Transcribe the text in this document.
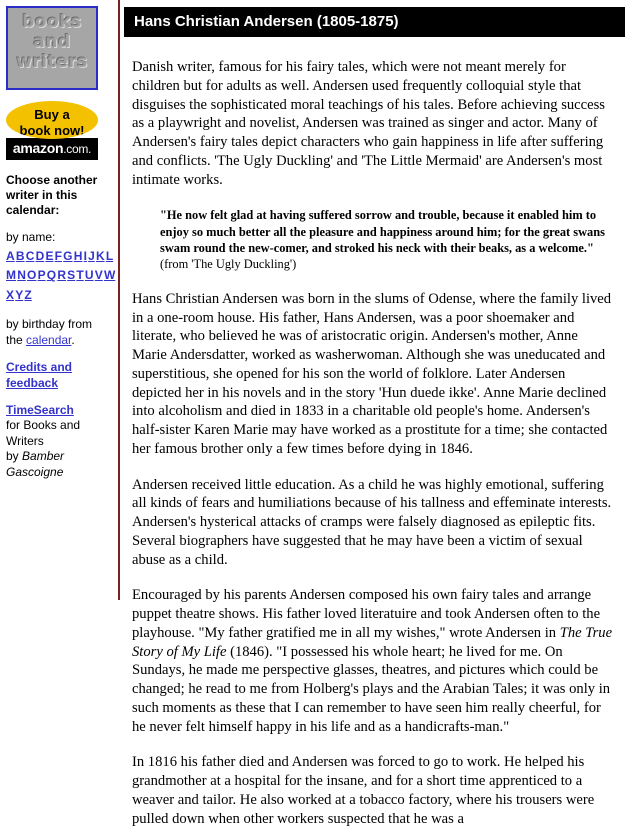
books
and
writers
Buy a
book now!
amazon.com.
Choose another writer in this calendar:
by name:
ABCDEFGHIJKL
MNOPQRSTUVW
XYZ
by birthday from the calendar.
Credits and feedback
TimeSearch
for Books and Writers
by Bamber Gascoigne
Hans Christian Andersen (1805-1875)

Danish writer, famous for his fairy tales, which were not meant merely for children but for adults as well. Andersen used frequently colloquial style that disguises the sophisticated moral teachings of his tales. Before achieving success as a playwright and novelist, Andersen was trained as singer and actor. Many of Andersen's fairy tales depict characters who gain happiness in life after suffering and conflicts. 'The Ugly Duckling' and 'The Little Mermaid' are Andersen's most intimate works.

"He now felt glad at having suffered sorrow and trouble, because it enabled him to enjoy so much better all the pleasure and happiness around him; for the great swans swam round the new-comer, and stroked his neck with their beaks, as a welcome." (from 'The Ugly Duckling')

Hans Christian Andersen was born in the slums of Odense, where the family lived in a one-room house. His father, Hans Andersen, was a poor shoemaker and literate, who believed he was of aristocratic origin. Andersen's mother, Anne Marie Andersdatter, worked as washerwoman. Although she was uneducated and superstitious, she opened for his son the world of folklore. Later Andersen depicted her in his novels and in the story 'Hun duede ikke'. Anne Marie declined into alcoholism and died in 1833 in a charitable old people's home. Andersen's half-sister Karen Marie may have worked as a prostitute for a time; she contacted her famous brother only a few times before dying in 1846.

Andersen received little education. As a child he was highly emotional, suffering all kinds of fears and humiliations because of his tallness and effeminate interests. Andersen's hysterical attacks of cramps were falsely diagnosed as epileptic fits. Several biographers have suggested that he may have been a victim of sexual abuse as a child.

Encouraged by his parents Andersen composed his own fairy tales and arrange puppet theatre shows. His father loved literatuire and took Andersen often to the playhouse. "My father gratified me in all my wishes," wrote Andersen in The True Story of My Life (1846). "I possessed his whole heart; he lived for me. On Sundays, he made me perspective glasses, theatres, and pictures which could be changed; he read to me from Holberg's plays and the Arabian Tales; it was only in such moments as these that I can remember to have seen him really cheerful, for he never felt himself happy in his life and as a handicrafts-man."

In 1816 his father died and Andersen was forced to go to work. He helped his grandmother at a hospital for the insane, and for a short time apprenticed to a weaver and tailor. He also worked at a tobacco factory, where his trousers were pulled down when other workers suspected that he was a
